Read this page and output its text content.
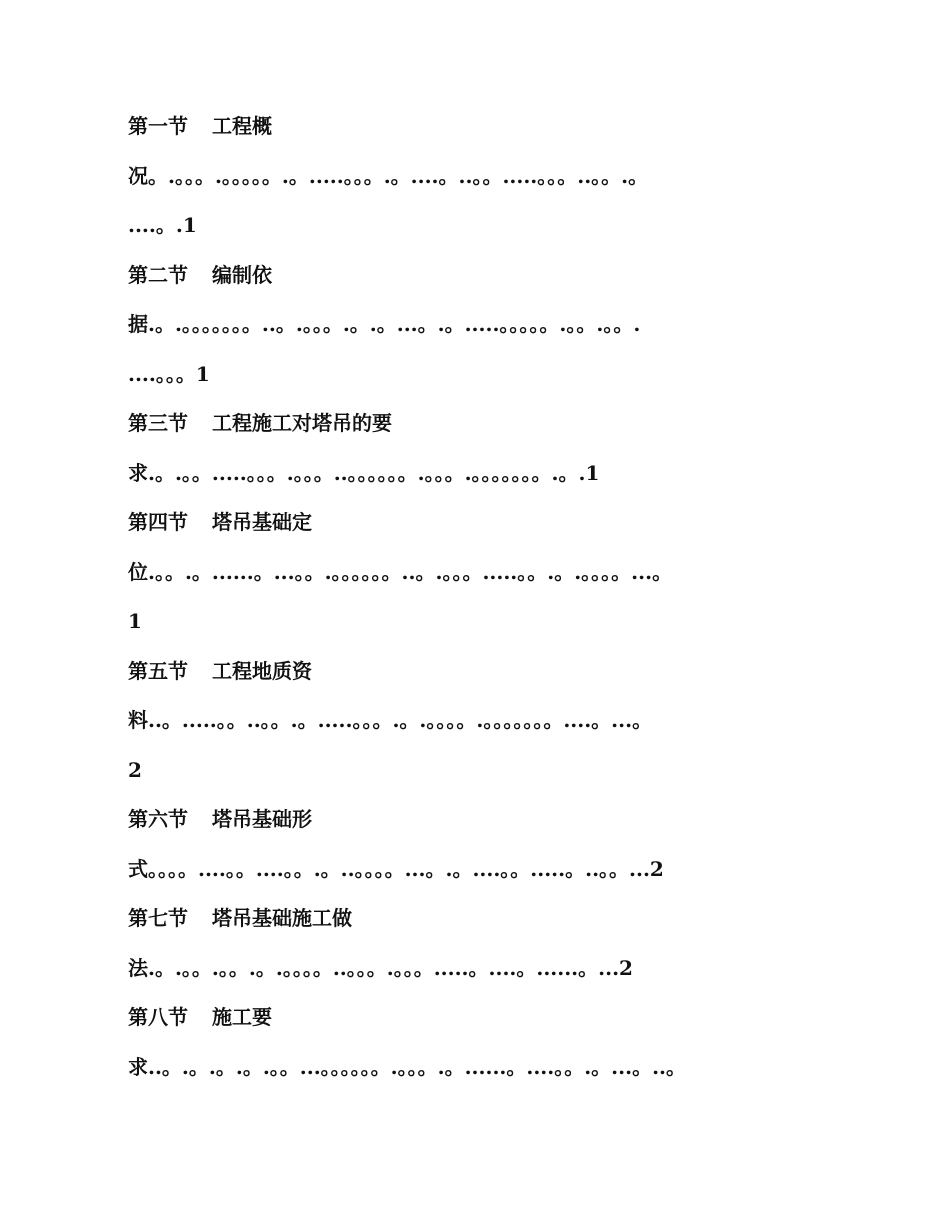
第一节 工程概
况。.。。。.。。。。。.。.....。。。.。....。..。。.....。。。..。。.。
....。.1
第二节 编制依
据.。.。。。。。。。..。.。。。.。.。...。.。.....。。。。。.。。.。。.
....。。。1
第三节 工程施工对塔吊的要
求.。.。。.....。。。.。。。..。。。。。。.。。。.。。。。。。。.。.1
第四节 塔吊基础定
位.。。.。......。...。。.。。。。。。..。.。。。.....。。.。.。。。。...。
1
第五节 工程地质资
料..。.....。。..。。.。.....。。。.。.。。。。.。。。。。。。....。...。
2
第六节 塔吊基础形
式。。。。....。。....。。.。..。。。。...。.。....。。.....。..。。...2
第七节 塔吊基础施工做
法.。.。。.。。.。.。。。。..。。。.。。。.....。....。......。...2
第八节 施工要
求..。.。.。.。.。。...。。。。。。.。。。.。......。....。。.。...。..。
